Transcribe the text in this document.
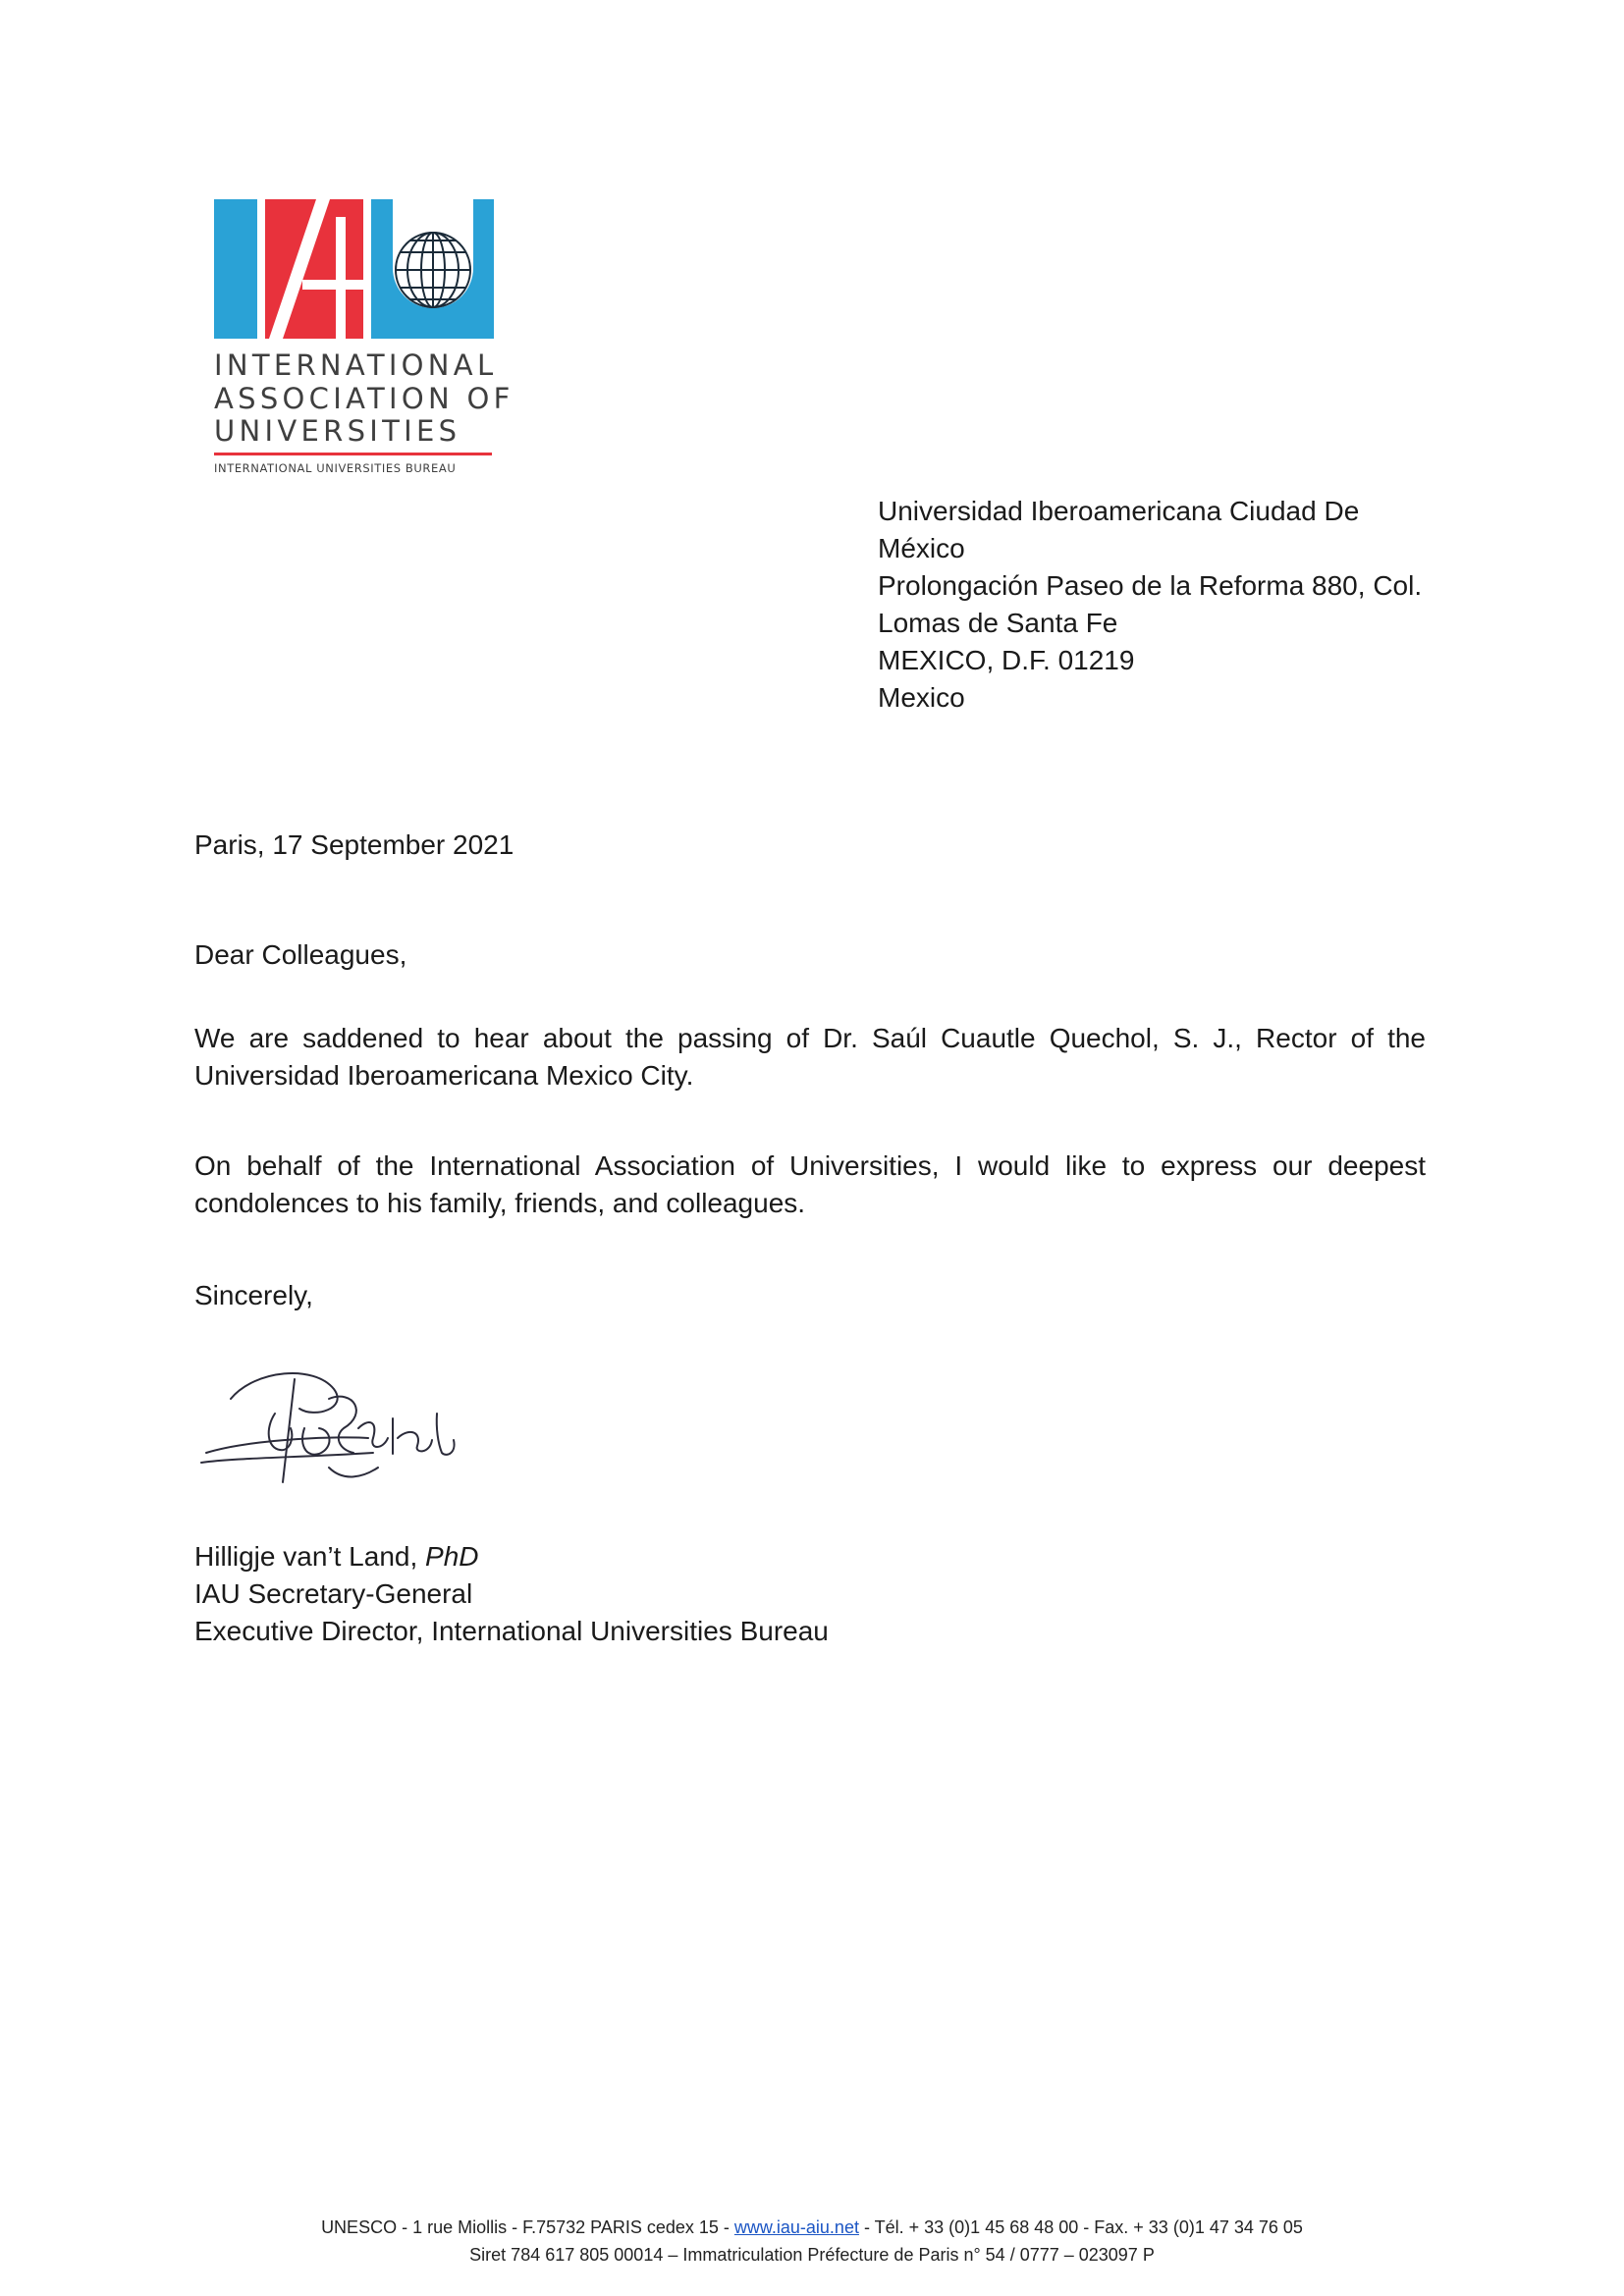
INTERNATIONAL
ASSOCIATION OF
UNIVERSITIES
INTERNATIONAL UNIVERSITIES BUREAU
Universidad Iberoamericana Ciudad De
México
Prolongación Paseo de la Reforma 880, Col.
Lomas de Santa Fe
MEXICO, D.F. 01219
Mexico
Paris, 17 September 2021
Dear Colleagues,
We are saddened to hear about the passing of Dr. Saúl Cuautle Quechol, S. J., Rector of the Universidad Iberoamericana Mexico City.
On behalf of the International Association of Universities, I would like to express our deepest condolences to his family, friends, and colleagues.
Sincerely,
Hilligje van’t Land, PhD
IAU Secretary-General
Executive Director, International Universities Bureau
UNESCO - 1 rue Miollis - F.75732 PARIS cedex 15 - www.iau-aiu.net - Tél. + 33 (0)1 45 68 48 00 - Fax. + 33 (0)1 47 34 76 05
Siret 784 617 805 00014 – Immatriculation Préfecture de Paris n° 54 / 0777 – 023097 P
